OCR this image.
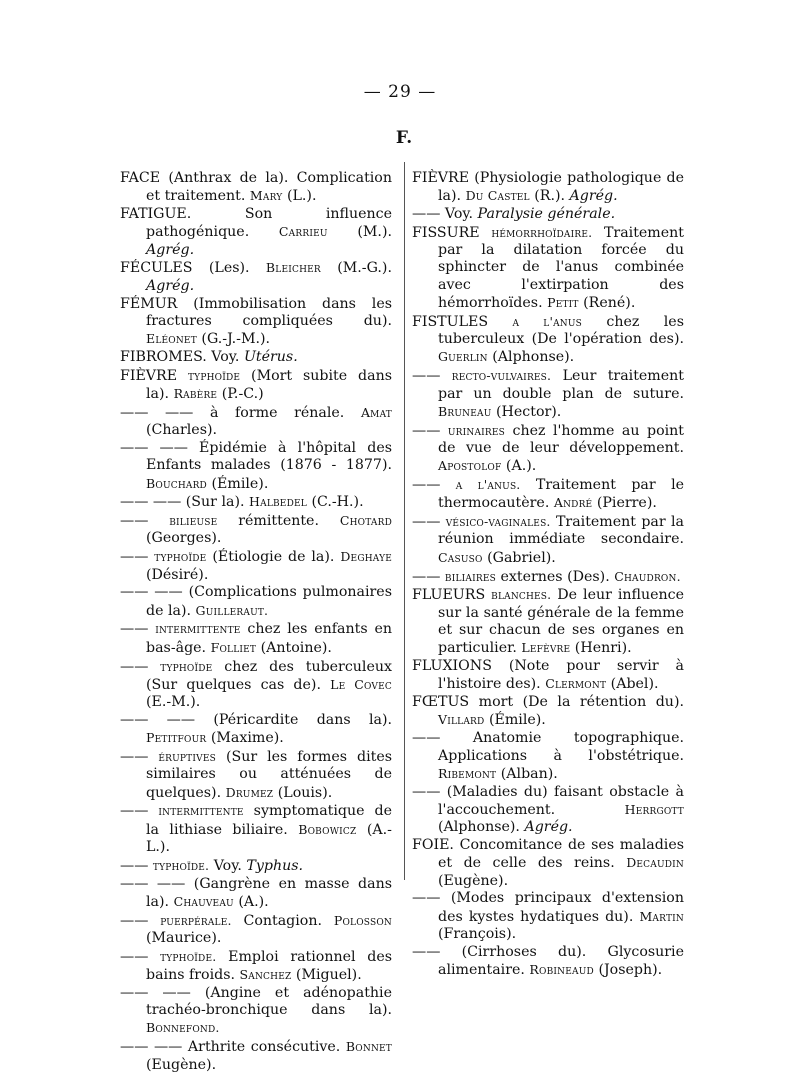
— 29 —
F.

FACE (Anthrax de la). Complication et traitement. Mary (L.).

FATIGUE. Son influence pathogénique. Carrieu (M.). Agrég.

FÉCULES (Les). Bleicher (M.-G.). Agrég.

FÉMUR (Immobilisation dans les fractures compliquées du). Eléonet (G.-J.-M.).

FIBROMES. Voy. Utérus.

FIÈVRE typhoïde (Mort subite dans la). Rabère (P.-C.)

—— —— à forme rénale. Amat (Charles).

—— —— Épidémie à l'hôpital des Enfants malades (1876 - 1877). Bouchard (Émile).

—— —— (Sur la). Halbedel (C.-H.).

—— bilieuse rémittente. Chotard (Georges).

—— typhoïde (Étiologie de la). Deghaye (Désiré).

—— —— (Complications pulmonaires de la). Guilleraut.

—— intermittente chez les enfants en bas-âge. Folliet (Antoine).

—— typhoïde chez des tuberculeux (Sur quelques cas de). Le Covec (E.-M.).

—— —— (Péricardite dans la). Petitfour (Maxime).

—— éruptives (Sur les formes dites similaires ou atténuées de quelques). Drumez (Louis).

—— intermittente symptomatique de la lithiase biliaire. Bobowicz (A.-L.).

—— typhoïde. Voy. Typhus.

—— —— (Gangrène en masse dans la). Chauveau (A.).

—— puerpérale. Contagion. Polosson (Maurice).

—— typhoïde. Emploi rationnel des bains froids. Sanchez (Miguel).

—— —— (Angine et adénopathie trachéo-bronchique dans la). Bonnefond.

—— —— Arthrite consécutive. Bonnet (Eugène).

FIÈVRE (Physiologie pathologique de la). Du Castel (R.). Agrég.

—— Voy. Paralysie générale.

FISSURE hémorrhoïdaire. Traitement par la dilatation forcée du sphincter de l'anus combinée avec l'extirpation des hémorrhoïdes. Petit (René).

FISTULES a l'anus chez les tuberculeux (De l'opération des). Guerlin (Alphonse).

—— recto-vulvaires. Leur traitement par un double plan de suture. Bruneau (Hector).

—— urinaires chez l'homme au point de vue de leur développement. Apostolof (A.).

—— a l'anus. Traitement par le thermocautère. André (Pierre).

—— vésico-vaginales. Traitement par la réunion immédiate secondaire. Casuso (Gabriel).

—— biliaires externes (Des). Chaudron.

FLUEURS blanches. De leur influence sur la santé générale de la femme et sur chacun de ses organes en particulier. Lefèvre (Henri).

FLUXIONS (Note pour servir à l'histoire des). Clermont (Abel).

FŒTUS mort (De la rétention du). Villard (Émile).

—— Anatomie topographique. Applications à l'obstétrique. Ribemont (Alban).

—— (Maladies du) faisant obstacle à l'accouchement. Herrgott (Alphonse). Agrég.

FOIE. Concomitance de ses maladies et de celle des reins. Decaudin (Eugène).

—— (Modes principaux d'extension des kystes hydatiques du). Martin (François).

—— (Cirrhoses du). Glycosurie alimentaire. Robineaud (Joseph).
